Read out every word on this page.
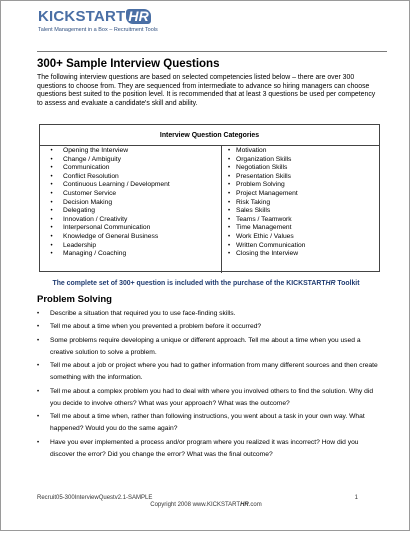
KICKSTART HR
Talent Management in a Box – Recruitment Tools
300+ Sample Interview Questions

The following interview questions are based on selected competencies listed below – there are over 300 questions to choose from. They are sequenced from intermediate to advance so hiring managers can choose questions best suited to the position level. It is recommended that at least 3 questions be used per competency to assess and evaluate a candidate's skill and ability.

Interview Question Categories
•	Opening the Interview
•	Change / Ambiguity
•	Communication
•	Conflict Resolution
•	Continuous Learning / Development
•	Customer Service
•	Decision Making
•	Delegating
•	Innovation / Creativity
•	Interpersonal Communication
•	Knowledge of General Business
•	Leadership
•	Managing / Coaching
• Motivation
• Organization Skills
• Negotiation Skills
• Presentation Skills
• Problem Solving
• Project Management
• Risk Taking
• Sales Skills
• Teams / Teamwork
• Time Management
• Work Ethic / Values
• Written Communication
• Closing the Interview
The complete set of 300+ question is included with the purchase of the KICKSTARTHR Toolkit
Problem Solving
•	Describe a situation that required you to use face-finding skills.
•	Tell me about a time when you prevented a problem before it occurred?
•	Some problems require developing a unique or different approach. Tell me about a time when you used a creative solution to solve a problem.
•	Tell me about a job or project where you had to gather information from many different sources and then create something with the information.
•	Tell me about a complex problem you had to deal with where you involved others to find the solution. Why did you decide to involve others? What was your approach? What was the outcome?
•	Tell me about a time when, rather than following instructions, you went about a task in your own way. What happened? Would you do the same again?
•	Have you ever implemented a process and/or program where you realized it was incorrect? How did you discover the error? Did you change the error? What was the final outcome?
Recruit05-300InterviewQuestv2.1-SAMPLE	1
Copyright 2008 www.KICKSTARTHR.com
